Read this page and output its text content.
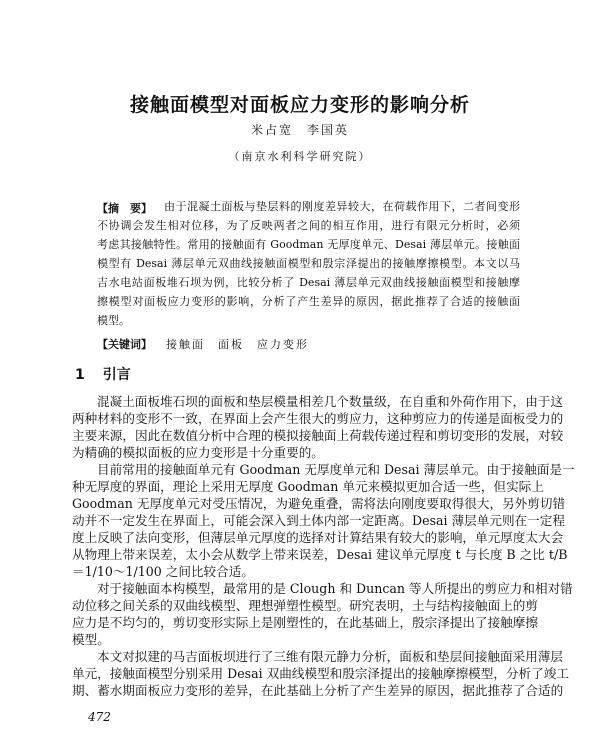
接触面模型对面板应力变形的影响分析
米占宽　李国英
（南京水利科学研究院）
【摘　要】 由于混凝土面板与垫层料的刚度差异较大，在荷载作用下，二者间变形
不协调会发生相对位移，为了反映两者之间的相互作用，进行有限元分析时，必须
考虑其接触特性。常用的接触面有 Goodman 无厚度单元、Desai 薄层单元。接触面
模型有 Desai 薄层单元双曲线接触面模型和殷宗泽提出的接触摩擦模型。本文以马
吉水电站面板堆石坝为例，比较分析了 Desai 薄层单元双曲线接触面模型和接触摩
擦模型对面板应力变形的影响，分析了产生差异的原因，据此推荐了合适的接触面
模型。
【关键词】 接触面　面板　应力变形
1 引言
混凝土面板堆石坝的面板和垫层模量相差几个数量级，在自重和外荷作用下，由于这
两种材料的变形不一致，在界面上会产生很大的剪应力，这种剪应力的传递是面板受力的
主要来源，因此在数值分析中合理的模拟接触面上荷载传递过程和剪切变形的发展，对较
为精确的模拟面板的应力变形是十分重要的。
目前常用的接触面单元有 Goodman 无厚度单元和 Desai 薄层单元。由于接触面是一
种无厚度的界面，理论上采用无厚度 Goodman 单元来模拟更加合适一些，但实际上
Goodman 无厚度单元对受压情况，为避免重叠，需将法向刚度要取得很大，另外剪切错
动并不一定发生在界面上，可能会深入到土体内部一定距离。Desai 薄层单元则在一定程
度上反映了法向变形，但薄层单元厚度的选择对计算结果有较大的影响，单元厚度太大会
从物理上带来误差，太小会从数学上带来误差，Desai 建议单元厚度 t 与长度 B 之比 t/B
＝1/10～1/100 之间比较合适。
对于接触面本构模型，最常用的是 Clough 和 Duncan 等人所提出的剪应力和相对错
动位移之间关系的双曲线模型、理想弹塑性模型。研究表明，土与结构接触面上的剪
应力是不均匀的，剪切变形实际上是刚塑性的，在此基础上，殷宗泽提出了接触摩擦
模型。
本文对拟建的马吉面板坝进行了三维有限元静力分析，面板和垫层间接触面采用薄层
单元，接触面模型分别采用 Desai 双曲线模型和殷宗泽提出的接触摩擦模型，分析了竣工
期、蓄水期面板应力变形的差异，在此基础上分析了产生差异的原因，据此推荐了合适的
472
